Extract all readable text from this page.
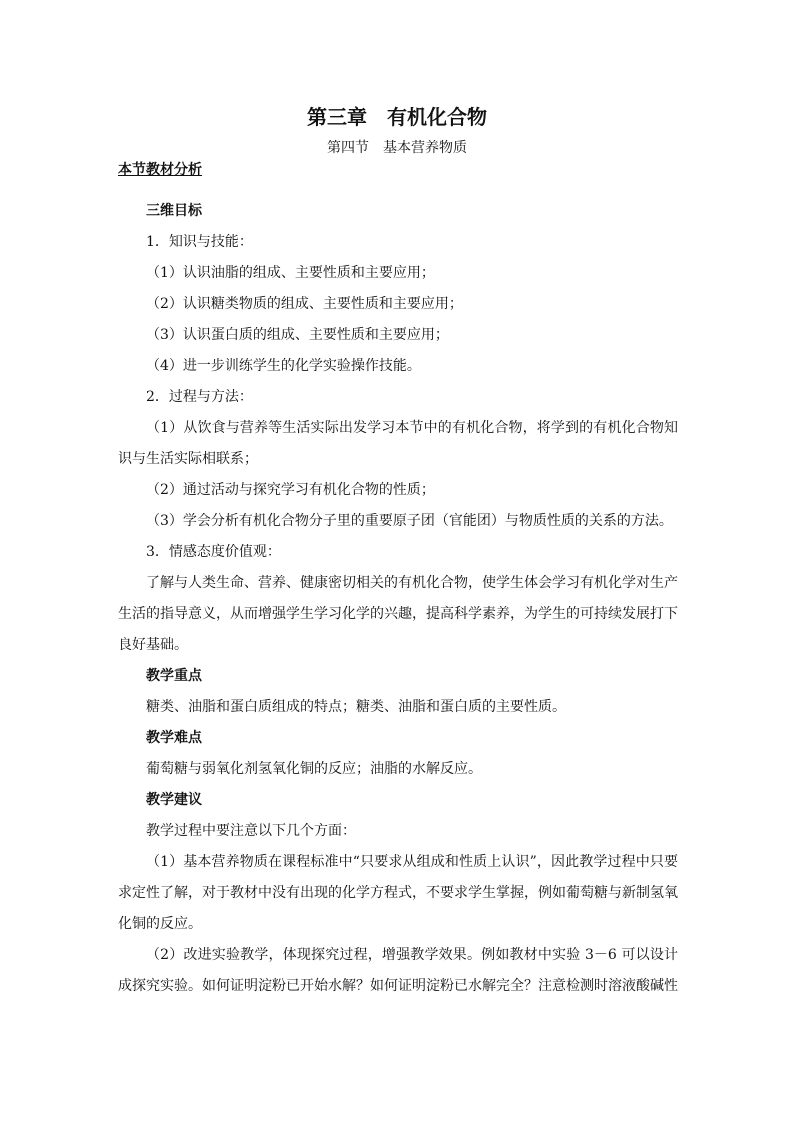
第三章　有机化合物
第四节　基本营养物质
本节教材分析

三维目标

1．知识与技能：

（1）认识油脂的组成、主要性质和主要应用；

（2）认识糖类物质的组成、主要性质和主要应用；

（3）认识蛋白质的组成、主要性质和主要应用；

（4）进一步训练学生的化学实验操作技能。

2．过程与方法：

（1）从饮食与营养等生活实际出发学习本节中的有机化合物，将学到的有机化合物知识与生活实际相联系；

（2）通过活动与探究学习有机化合物的性质；

（3）学会分析有机化合物分子里的重要原子团（官能团）与物质性质的关系的方法。

3．情感态度价值观：

了解与人类生命、营养、健康密切相关的有机化合物，使学生体会学习有机化学对生产生活的指导意义，从而增强学生学习化学的兴趣，提高科学素养，为学生的可持续发展打下良好基础。

教学重点

糖类、油脂和蛋白质组成的特点；糖类、油脂和蛋白质的主要性质。

教学难点

葡萄糖与弱氧化剂氢氧化铜的反应；油脂的水解反应。

教学建议

教学过程中要注意以下几个方面：

（1）基本营养物质在课程标准中“只要求从组成和性质上认识”，因此教学过程中只要求定性了解，对于教材中没有出现的化学方程式，不要求学生掌握，例如葡萄糖与新制氢氧化铜的反应。

（2）改进实验教学，体现探究过程，增强教学效果。例如教材中实验 3－6 可以设计成探究实验。如何证明淀粉已开始水解？如何证明淀粉已水解完全？注意检测时溶液酸碱性
